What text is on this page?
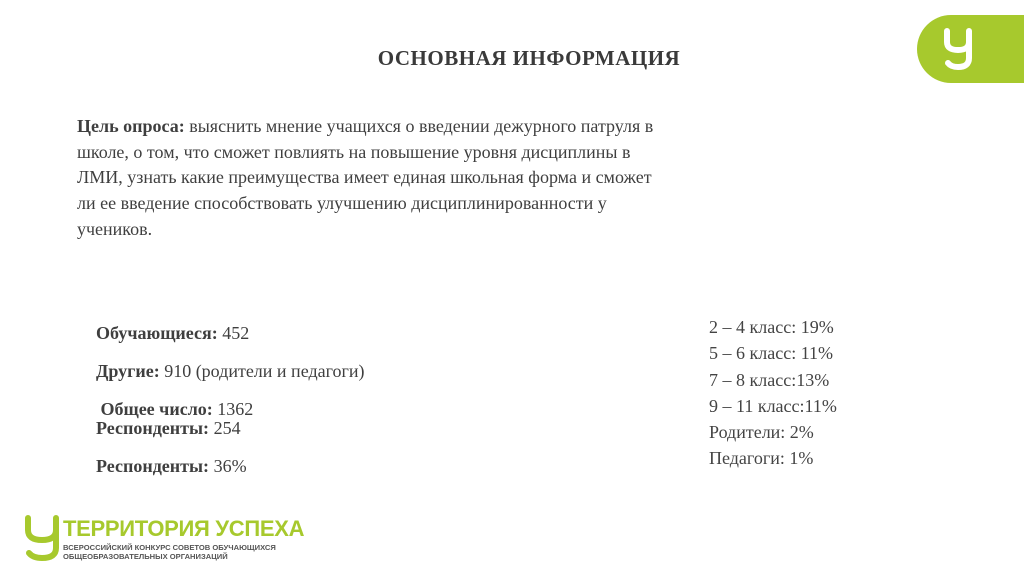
ОСНОВНАЯ ИНФОРМАЦИЯ
Цель опроса: выяснить мнение учащихся о введении дежурного патруля в школе, о том, что сможет повлиять на повышение уровня дисциплины в ЛМИ, узнать какие преимущества имеет единая школьная форма и сможет ли ее введение способствовать улучшению дисциплинированности у учеников.
Обучающиеся: 452
Другие: 910 (родители и педагоги)
Общее число: 1362
Респонденты: 254
Респонденты: 36%
2 – 4 класс: 19%
5 – 6 класс: 11%
7 – 8 класс:13%
9 – 11 класс:11%
Родители: 2%
Педагоги: 1%
ТЕРРИТОРИЯ УСПЕХА
ВСЕРОССИЙСКИЙ КОНКУРС СОВЕТОВ ОБУЧАЮЩИХСЯ
ОБЩЕОБРАЗОВАТЕЛЬНЫХ ОРГАНИЗАЦИЙ
